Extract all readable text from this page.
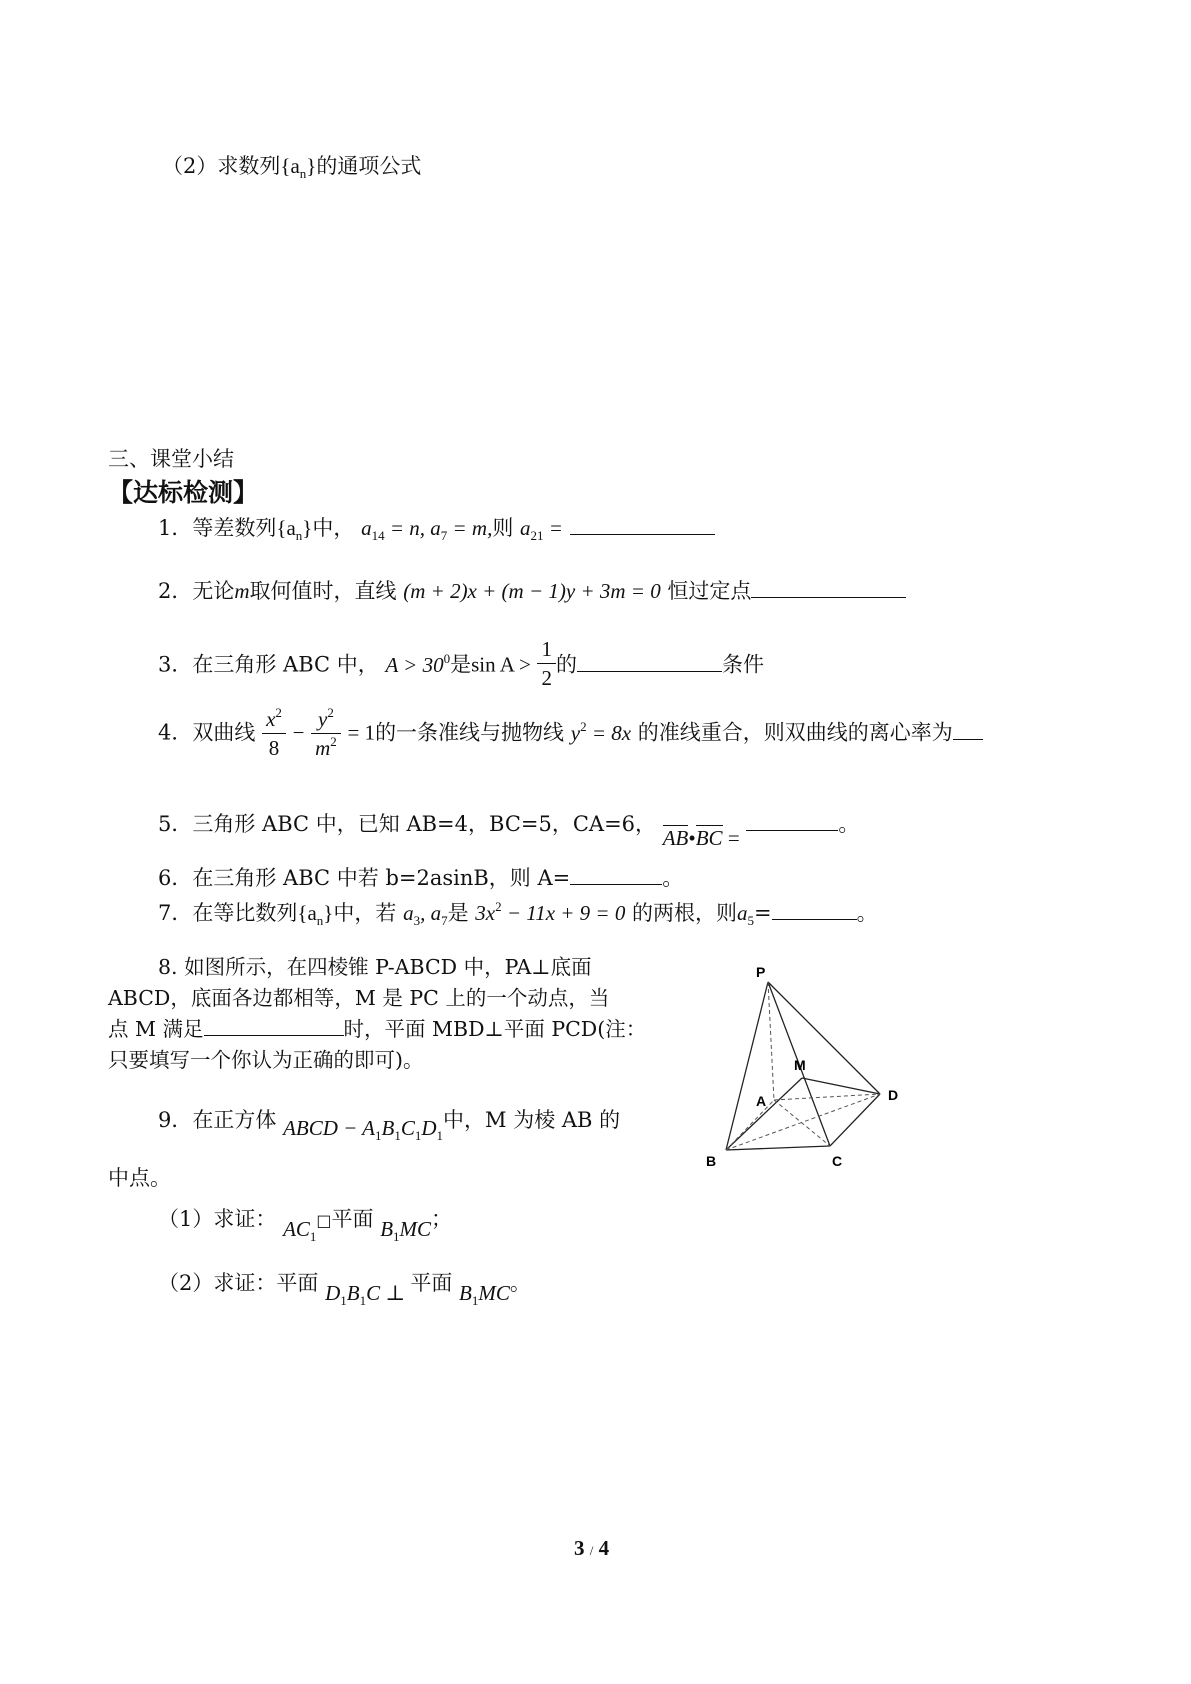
（2）求数列$\{a_n\}$的通项公式
三、课堂小结
【达标检测】
1．等差数列$\{a_n\}$中， $a_{14} = n$, $a_7 = m$,则 $a_{21}$ =
2．无论m取何值时，直线 (m + 2)x + (m − 1)y + 3m = 0 恒过定点
3．在三角形 ABC 中， $A > 30^0$是$\sin A > \frac{1}{2}$ 的	条件
4．双曲线 $\frac{x^2}{8} - \frac{y^2}{m^2} = 1$的一条准线与抛物线 $y^2 = 8x$ 的准线重合，则双曲线的离心率为
5．三角形 ABC 中，已知 AB=4，BC=5，CA=6， AB•BC = 。
6．在三角形 ABC 中若 b=2asinB，则 A=	。
7．在等比数列$\{a_n\}$中，若 $a_3$, $a_7$是 $3x^2 - 11x + 9 = 0$ 的两根，则$a_5=$	。
8. 如图所示，在四棱锥 P-ABCD 中，PA⊥底面
ABCD，底面各边都相等，M 是 PC 上的一个动点，当
点 M 满足	时，平面 MBD⊥平面 PCD(注：
只要填写一个你认为正确的即可)。
P
A
M
D
B	C
9．在正方体 ABCD − $A_1B_1C_1D_1$中，M 为棱 AB 的
中点。
（1）求证： $AC_1□$平面 $B_1MC$；
（2）求证：平面 $D_1B_1C$ ⊥ 平面 $B_1MC$。
3 / 4
